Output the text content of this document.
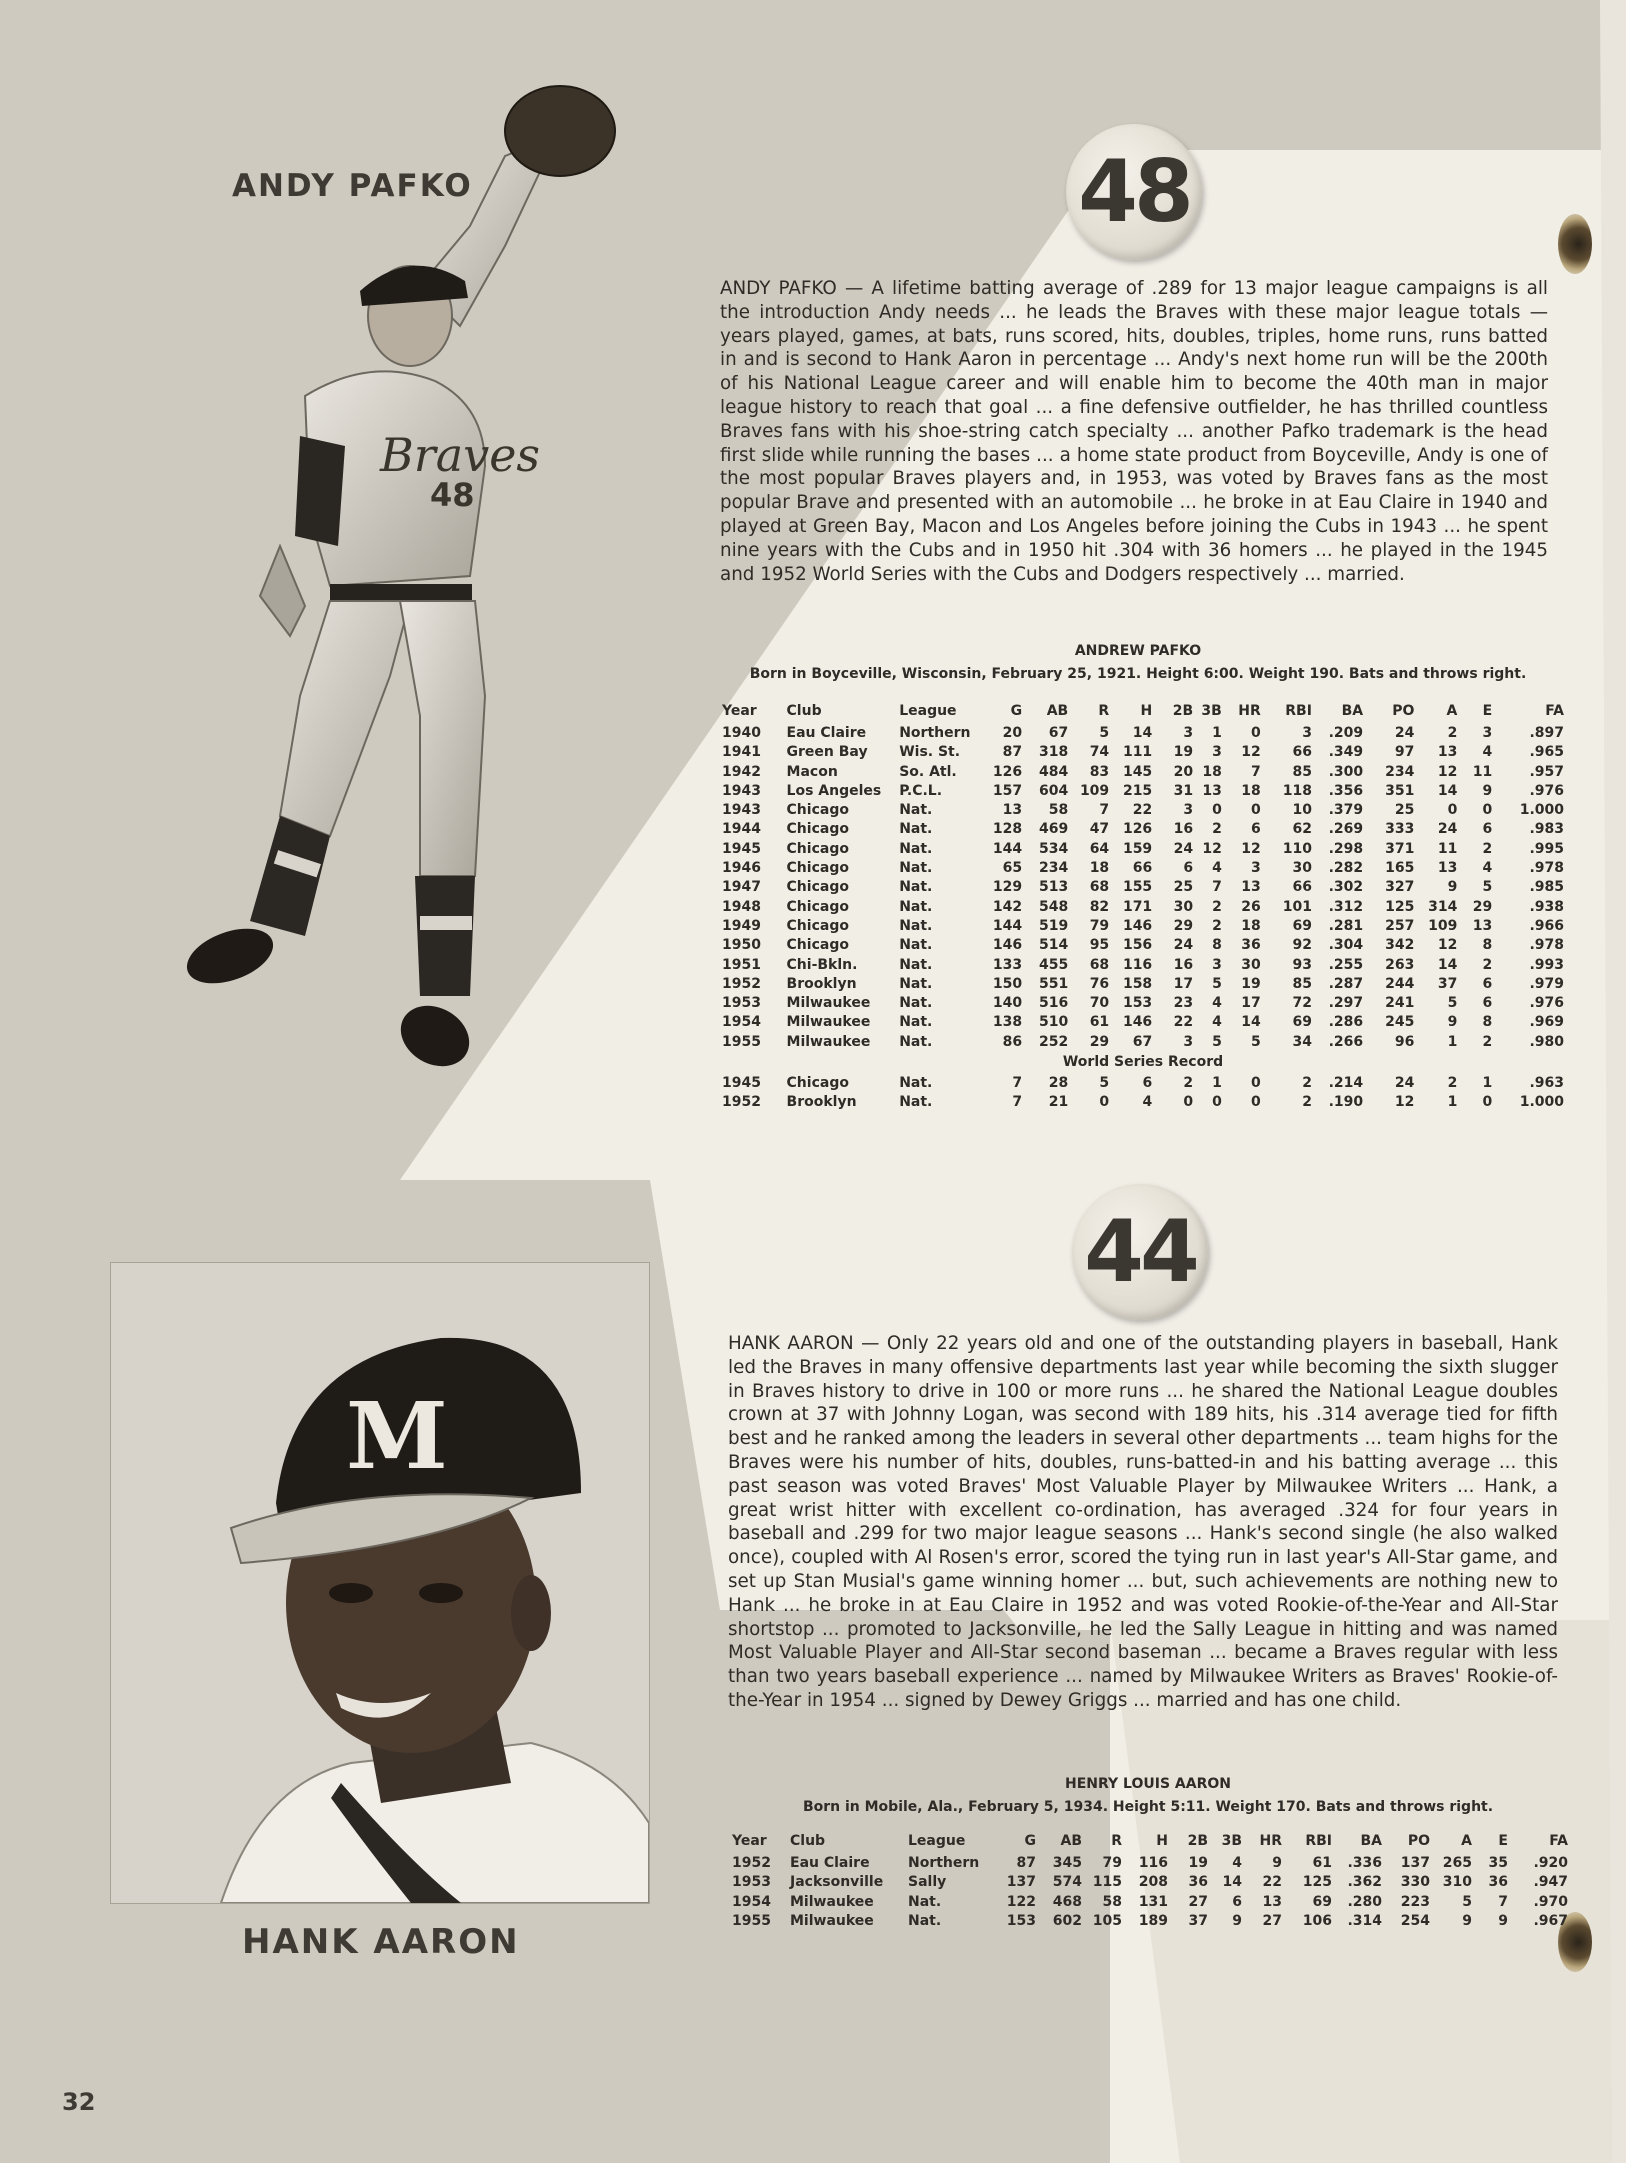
ANDY PAFKO
Braves
48
48
ANDY PAFKO — A lifetime batting average of .289 for 13 major league campaigns is all the introduction Andy needs ... he leads the Braves with these major league totals — years played, games, at bats, runs scored, hits, doubles, triples, home runs, runs batted in and is second to Hank Aaron in percentage ... Andy's next home run will be the 200th of his National League career and will enable him to become the 40th man in major league history to reach that goal ... a fine defensive outfielder, he has thrilled countless Braves fans with his shoe-string catch specialty ... another Pafko trademark is the head first slide while running the bases ... a home state product from Boyceville, Andy is one of the most popular Braves players and, in 1953, was voted by Braves fans as the most popular Brave and presented with an automobile ... he broke in at Eau Claire in 1940 and played at Green Bay, Macon and Los Angeles before joining the Cubs in 1943 ... he spent nine years with the Cubs and in 1950 hit .304 with 36 homers ... he played in the 1945 and 1952 World Series with the Cubs and Dodgers respectively ... married.
ANDREW PAFKO
Born in Boyceville, Wisconsin, February 25, 1921. Height 6:00. Weight 190. Bats and throws right.
Year	Club	League	G	AB	R	H	2B	3B	HR	RBI	BA	PO	A	E	FA
1940	Eau Claire	Northern	20	67	5	14	3	1	0	3	.209	24	2	3	.897
1941	Green Bay	Wis. St.	87	318	74	111	19	3	12	66	.349	97	13	4	.965
1942	Macon	So. Atl.	126	484	83	145	20	18	7	85	.300	234	12	11	.957
1943	Los Angeles	P.C.L.	157	604	109	215	31	13	18	118	.356	351	14	9	.976
1943	Chicago	Nat.	13	58	7	22	3	0	0	10	.379	25	0	0	1.000
1944	Chicago	Nat.	128	469	47	126	16	2	6	62	.269	333	24	6	.983
1945	Chicago	Nat.	144	534	64	159	24	12	12	110	.298	371	11	2	.995
1946	Chicago	Nat.	65	234	18	66	6	4	3	30	.282	165	13	4	.978
1947	Chicago	Nat.	129	513	68	155	25	7	13	66	.302	327	9	5	.985
1948	Chicago	Nat.	142	548	82	171	30	2	26	101	.312	125	314	29	.938
1949	Chicago	Nat.	144	519	79	146	29	2	18	69	.281	257	109	13	.966
1950	Chicago	Nat.	146	514	95	156	24	8	36	92	.304	342	12	8	.978
1951	Chi-Bkln.	Nat.	133	455	68	116	16	3	30	93	.255	263	14	2	.993
1952	Brooklyn	Nat.	150	551	76	158	17	5	19	85	.287	244	37	6	.979
1953	Milwaukee	Nat.	140	516	70	153	23	4	17	72	.297	241	5	6	.976
1954	Milwaukee	Nat.	138	510	61	146	22	4	14	69	.286	245	9	8	.969
1955	Milwaukee	Nat.	86	252	29	67	3	5	5	34	.266	96	1	2	.980
World Series Record															
1945	Chicago	Nat.	7	28	5	6	2	1	0	2	.214	24	2	1	.963
1952	Brooklyn	Nat.	7	21	0	4	0	0	0	2	.190	12	1	0	1.000
44
M
HANK AARON
HANK AARON — Only 22 years old and one of the outstanding players in baseball, Hank led the Braves in many offensive departments last year while becoming the sixth slugger in Braves history to drive in 100 or more runs ... he shared the National League doubles crown at 37 with Johnny Logan, was second with 189 hits, his .314 average tied for fifth best and he ranked among the leaders in several other departments ... team highs for the Braves were his number of hits, doubles, runs-batted-in and his batting average ... this past season was voted Braves' Most Valuable Player by Milwaukee Writers ... Hank, a great wrist hitter with excellent co-ordination, has averaged .324 for four years in baseball and .299 for two major league seasons ... Hank's second single (he also walked once), coupled with Al Rosen's error, scored the tying run in last year's All-Star game, and set up Stan Musial's game winning homer ... but, such achievements are nothing new to Hank ... he broke in at Eau Claire in 1952 and was voted Rookie-of-the-Year and All-Star shortstop ... promoted to Jacksonville, he led the Sally League in hitting and was named Most Valuable Player and All-Star second baseman ... became a Braves regular with less than two years baseball experience ... named by Milwaukee Writers as Braves' Rookie-of-the-Year in 1954 ... signed by Dewey Griggs ... married and has one child.
HENRY LOUIS AARON
Born in Mobile, Ala., February 5, 1934. Height 5:11. Weight 170. Bats and throws right.
Year	Club	League	G	AB	R	H	2B	3B	HR	RBI	BA	PO	A	E	FA
1952	Eau Claire	Northern	87	345	79	116	19	4	9	61	.336	137	265	35	.920
1953	Jacksonville	Sally	137	574	115	208	36	14	22	125	.362	330	310	36	.947
1954	Milwaukee	Nat.	122	468	58	131	27	6	13	69	.280	223	5	7	.970
1955	Milwaukee	Nat.	153	602	105	189	37	9	27	106	.314	254	9	9	.967
32
